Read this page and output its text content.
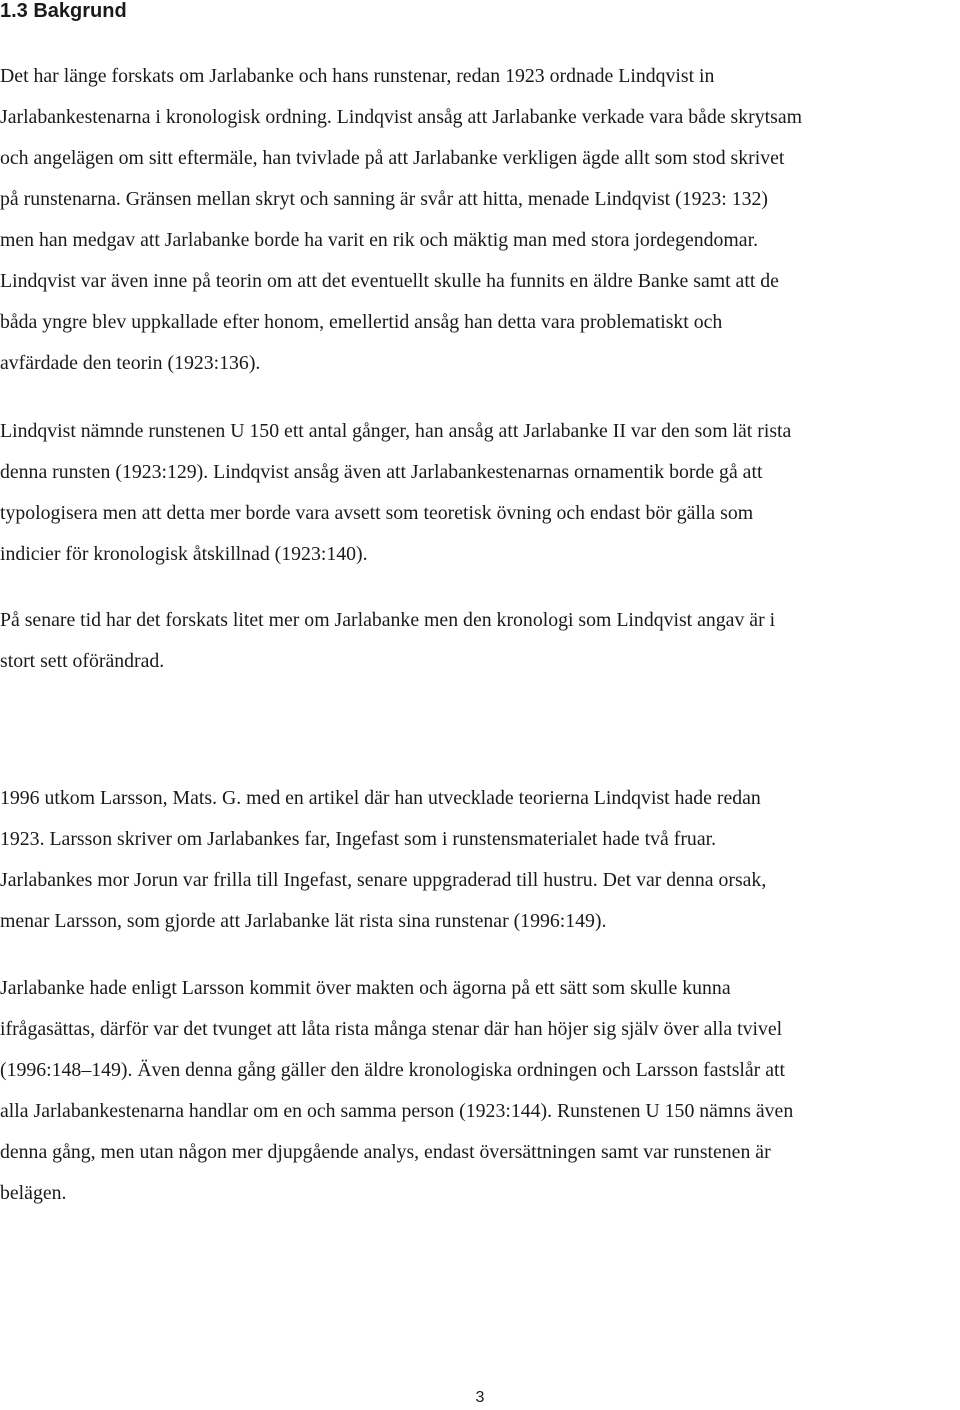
1.3 Bakgrund
Det har länge forskats om Jarlabanke och hans runstenar, redan 1923 ordnade Lindqvist in
Jarlabankestenarna i kronologisk ordning. Lindqvist ansåg att Jarlabanke verkade vara både skrytsam
och angelägen om sitt eftermäle, han tvivlade på att Jarlabanke verkligen ägde allt som stod skrivet
på runstenarna. Gränsen mellan skryt och sanning är svår att hitta, menade Lindqvist (1923: 132)
men han medgav att Jarlabanke borde ha varit en rik och mäktig man med stora jordegendomar.
Lindqvist var även inne på teorin om att det eventuellt skulle ha funnits en äldre Banke samt att de
båda yngre blev uppkallade efter honom, emellertid ansåg han detta vara problematiskt och
avfärdade den teorin (1923:136).
Lindqvist nämnde runstenen U 150 ett antal gånger, han ansåg att Jarlabanke II var den som lät rista
denna runsten (1923:129). Lindqvist ansåg även att Jarlabankestenarnas ornamentik borde gå att
typologisera men att detta mer borde vara avsett som teoretisk övning och endast bör gälla som
indicier för kronologisk åtskillnad (1923:140).
På senare tid har det forskats litet mer om Jarlabanke men den kronologi som Lindqvist angav är i
stort sett oförändrad.
1996 utkom Larsson, Mats. G. med en artikel där han utvecklade teorierna Lindqvist hade redan
1923. Larsson skriver om Jarlabankes far, Ingefast som i runstensmaterialet hade två fruar.
Jarlabankes mor Jorun var frilla till Ingefast, senare uppgraderad till hustru. Det var denna orsak,
menar Larsson, som gjorde att Jarlabanke lät rista sina runstenar (1996:149).
Jarlabanke hade enligt Larsson kommit över makten och ägorna på ett sätt som skulle kunna
ifrågasättas, därför var det tvunget att låta rista många stenar där han höjer sig själv över alla tvivel
(1996:148–149). Även denna gång gäller den äldre kronologiska ordningen och Larsson fastslår att
alla Jarlabankestenarna handlar om en och samma person (1923:144). Runstenen U 150 nämns även
denna gång, men utan någon mer djupgående analys, endast översättningen samt var runstenen är
belägen.
3
